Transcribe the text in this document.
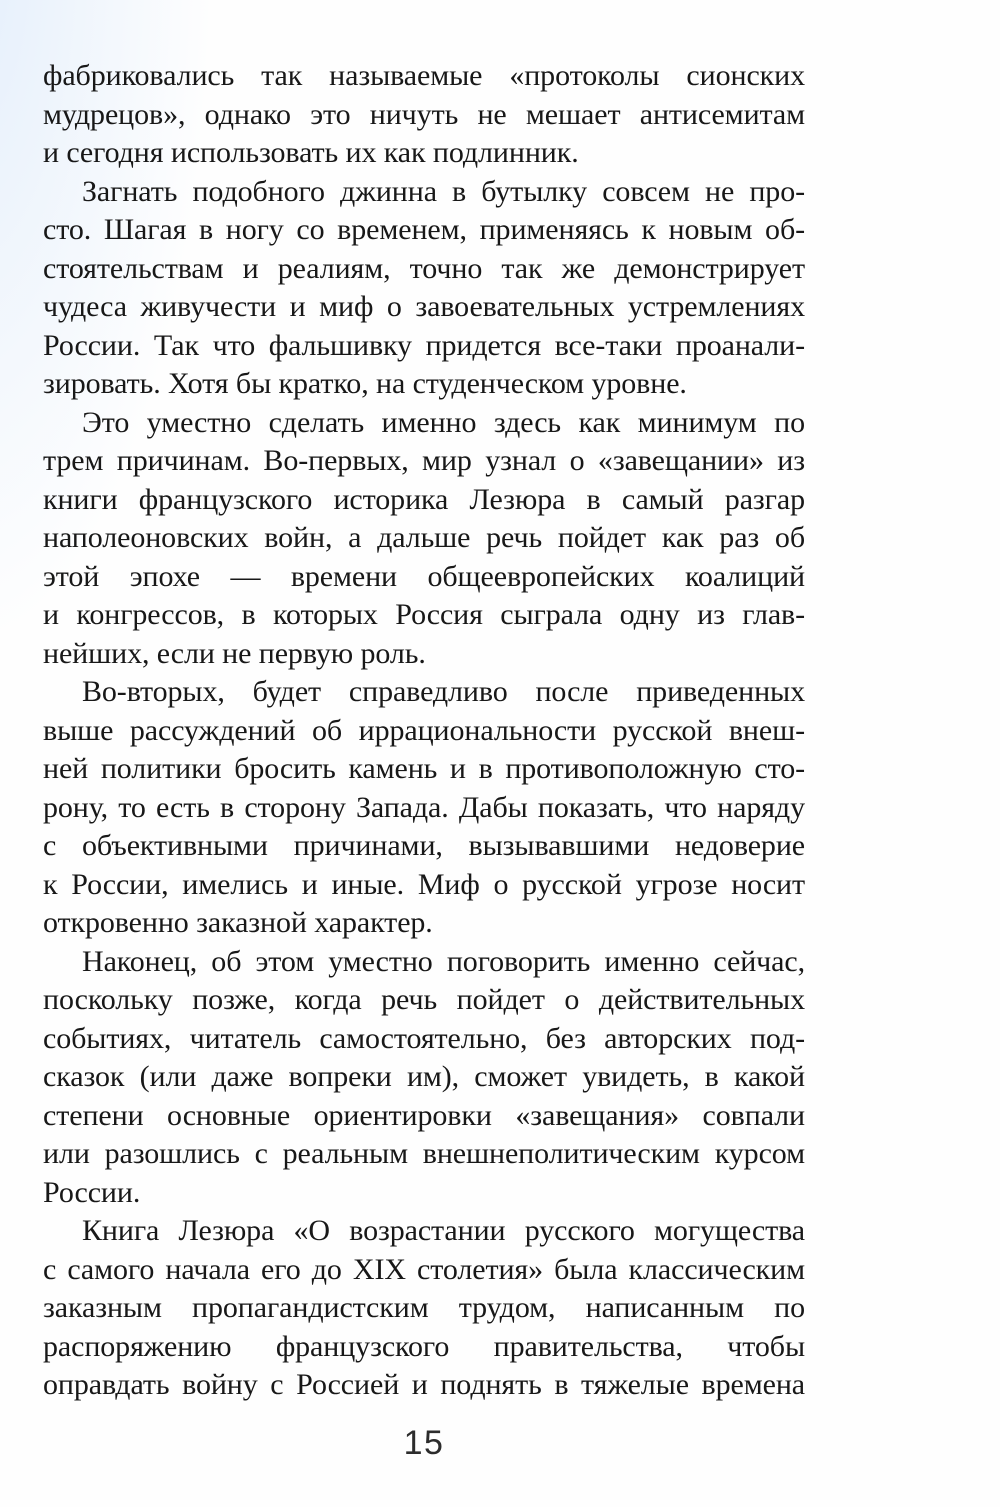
фабриковались так называемые «протоколы сионских
мудрецов», однако это ничуть не мешает антисемитам
и сегодня использовать их как подлинник.
Загнать подобного джинна в бутылку совсем не про-
сто. Шагая в ногу со временем, применяясь к новым об-
стоятельствам и реалиям, точно так же демонстрирует
чудеса живучести и миф о завоевательных устремлениях
России. Так что фальшивку придется все-таки проанали-
зировать. Хотя бы кратко, на студенческом уровне.
Это уместно сделать именно здесь как минимум по
трем причинам. Во-первых, мир узнал о «завещании» из
книги французского историка Лезюра в самый разгар
наполеоновских войн, а дальше речь пойдет как раз об
этой эпохе — времени общеевропейских коалиций
и конгрессов, в которых Россия сыграла одну из глав-
нейших, если не первую роль.
Во-вторых, будет справедливо после приведенных
выше рассуждений об иррациональности русской внеш-
ней политики бросить камень и в противоположную сто-
рону, то есть в сторону Запада. Дабы показать, что наряду
с объективными причинами, вызывавшими недоверие
к России, имелись и иные. Миф о русской угрозе носит
откровенно заказной характер.
Наконец, об этом уместно поговорить именно сейчас,
поскольку позже, когда речь пойдет о действительных
событиях, читатель самостоятельно, без авторских под-
сказок (или даже вопреки им), сможет увидеть, в какой
степени основные ориентировки «завещания» совпали
или разошлись с реальным внешнеполитическим курсом
России.
Книга Лезюра «О возрастании русского могущества
с самого начала его до XIX столетия» была классическим
заказным пропагандистским трудом, написанным по
распоряжению французского правительства, чтобы
оправдать войну с Россией и поднять в тяжелые времена
15
